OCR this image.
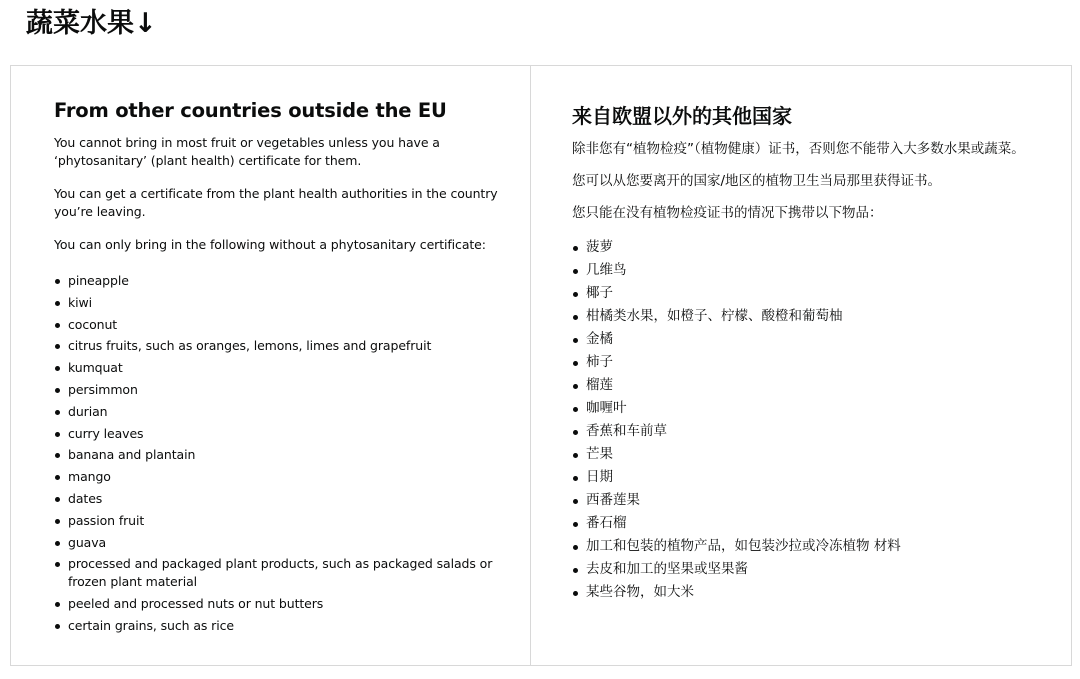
蔬菜水果↓
From other countries outside the EU

You cannot bring in most fruit or vegetables unless you have a ‘phytosanitary’ (plant health) certificate for them.

You can get a certificate from the plant health authorities in the country you’re leaving.

You can only bring in the following without a phytosanitary certificate:

pineapple
kiwi
coconut
citrus fruits, such as oranges, lemons, limes and grapefruit
kumquat
persimmon
durian
curry leaves
banana and plantain
mango
dates
passion fruit
guava
processed and packaged plant products, such as packaged salads or frozen plant material
peeled and processed nuts or nut butters
certain grains, such as rice
来自欧盟以外的其他国家

除非您有“植物检疫”（植物健康）证书，否则您不能带入大多数水果或蔬菜。

您可以从您要离开的国家/地区的植物卫生当局那里获得证书。

您只能在没有植物检疫证书的情况下携带以下物品：

菠萝
几维鸟
椰子
柑橘类水果，如橙子、柠檬、酸橙和葡萄柚
金橘
柿子
榴莲
咖喱叶
香蕉和车前草
芒果
日期
西番莲果
番石榴
加工和包装的植物产品，如包装沙拉或冷冻植物 材料
去皮和加工的坚果或坚果酱
某些谷物，如大米
